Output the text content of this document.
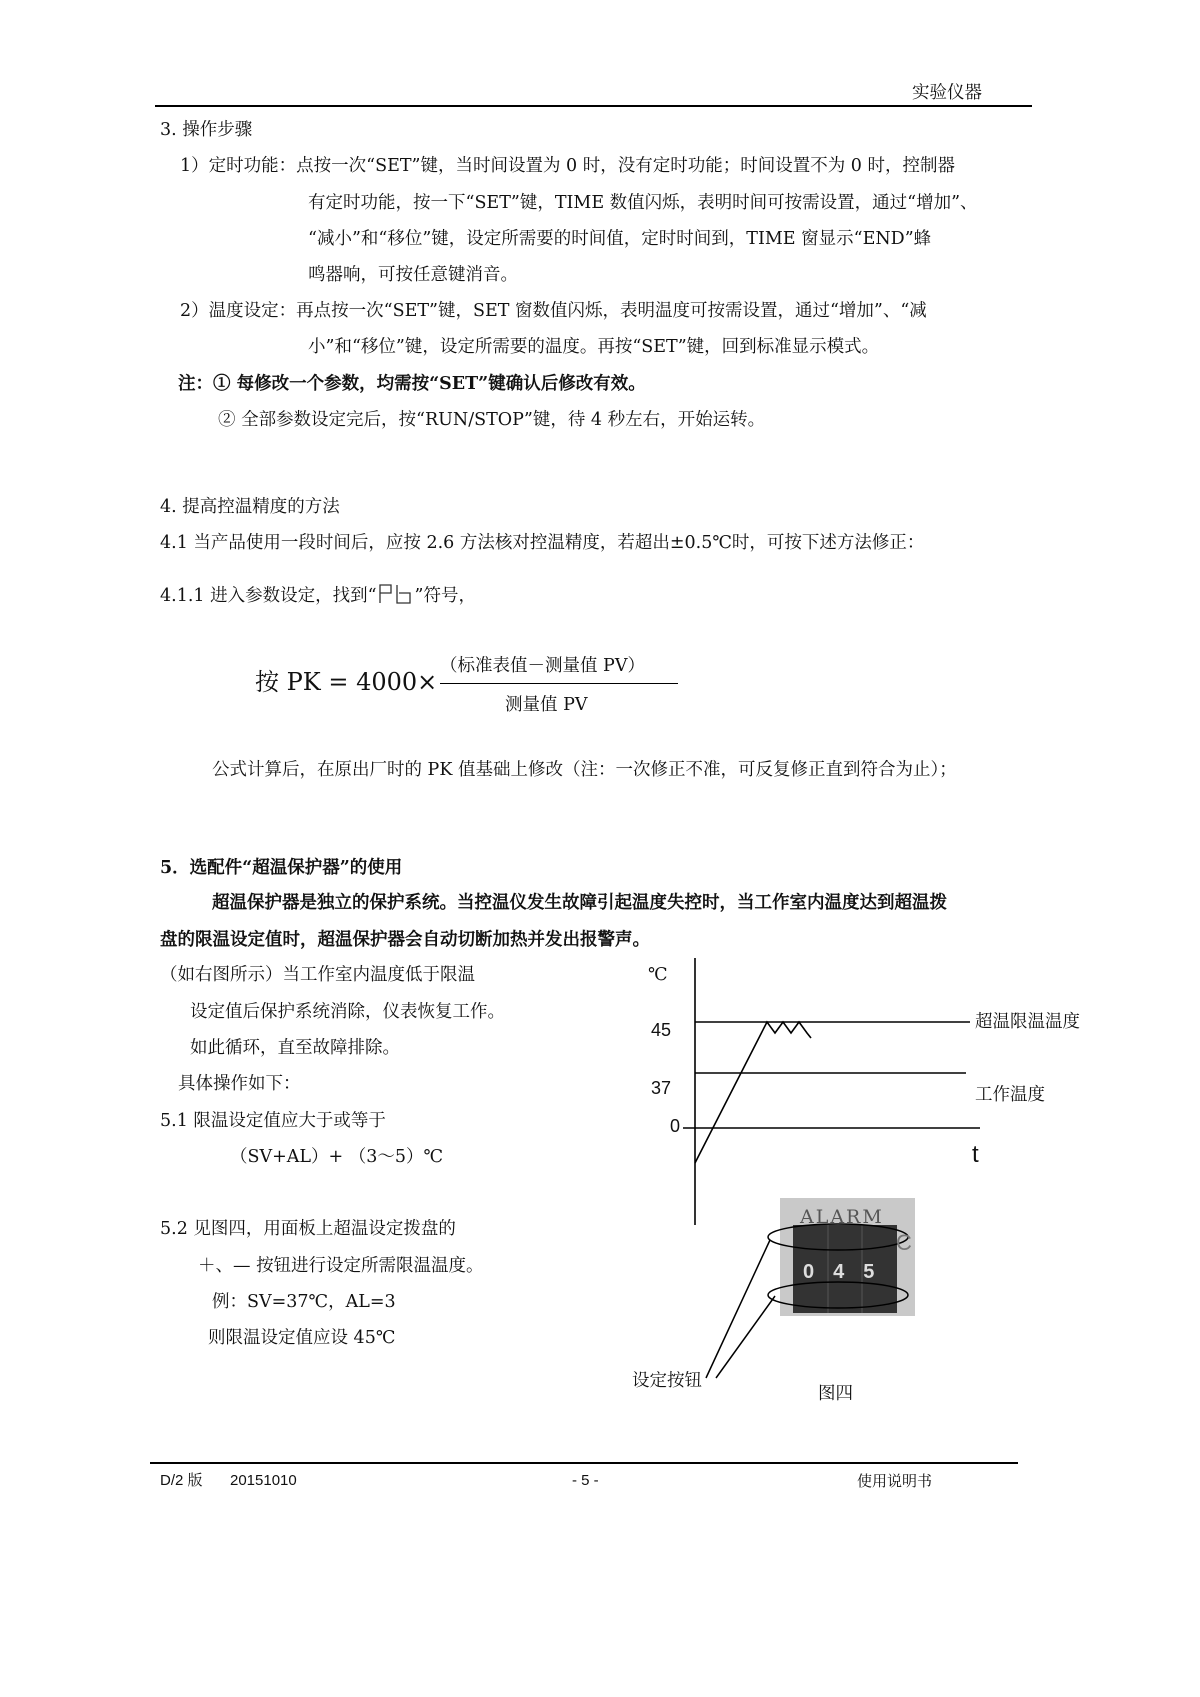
实验仪器
3. 操作步骤
1）定时功能：点按一次“SET”键，当时间设置为 0 时，没有定时功能；时间设置不为 0 时，控制器
有定时功能，按一下“SET”键，TIME 数值闪烁，表明时间可按需设置，通过“增加”、
“减小”和“移位”键，设定所需要的时间值，定时时间到，TIME 窗显示“END”蜂
鸣器响，可按任意键消音。
2）温度设定：再点按一次“SET”键，SET 窗数值闪烁，表明温度可按需设置，通过“增加”、“减
小”和“移位”键，设定所需要的温度。再按“SET”键，回到标准显示模式。
注：① 每修改一个参数，均需按“SET”键确认后修改有效。
② 全部参数设定完后，按“RUN/STOP”键，待 4 秒左右，开始运转。
4. 提高控温精度的方法
4.1 当产品使用一段时间后，应按 2.6 方法核对控温精度，若超出±0.5℃时，可按下述方法修正：
4.1.1 进入参数设定，找到“ ”符号，
按 PK = 4000×
（标准表值－测量值 PV）
测量值 PV
公式计算后，在原出厂时的 PK 值基础上修改（注：一次修正不准，可反复修正直到符合为止）；
5．选配件“超温保护器”的使用
超温保护器是独立的保护系统。当控温仪发生故障引起温度失控时，当工作室内温度达到超温拨
盘的限温设定值时，超温保护器会自动切断加热并发出报警声。
（如右图所示）当工作室内温度低于限温
设定值后保护系统消除，仪表恢复工作。
如此循环，直至故障排除。
具体操作如下：
5.1 限温设定值应大于或等于
（SV+AL）+ （3～5）℃
5.2 见图四，用面板上超温设定拨盘的
＋、— 按钮进行设定所需限温温度。
例：SV=37℃，AL=3
则限温设定值应设 45℃
℃
45
37
0
t
超温限温温度
工作温度
ALARM
C
045
设定按钮
图四
D/2 版 20151010	- 5 -	使用说明书
